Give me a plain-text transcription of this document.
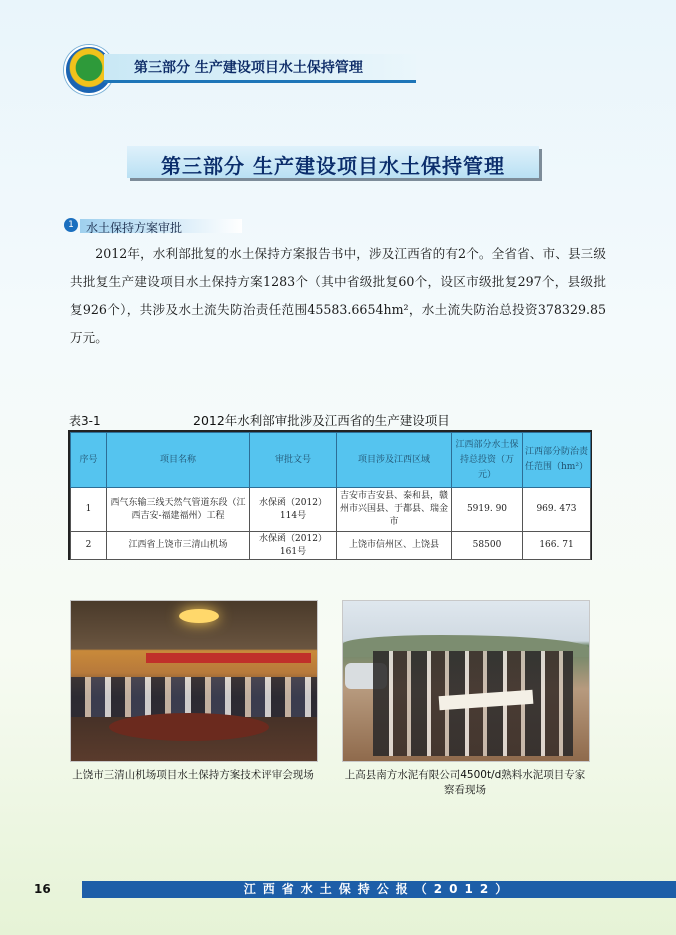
第三部分 生产建设项目水土保持管理
第三部分 生产建设项目水土保持管理
1	水土保持方案审批
2012年，水利部批复的水土保持方案报告书中，涉及江西省的有2个。全省省、市、县三级共批复生产建设项目水土保持方案1283个（其中省级批复60个，设区市级批复297个，县级批复926个），共涉及水土流失防治责任范围45583.6654hm²，水土流失防治总投资378329.85万元。
表3-1	2012年水利部审批涉及江西省的生产建设项目
序号	项目名称	审批文号	项目涉及江西区域	江西部分水土保持总投资（万元）	江西部分防治责任范围（hm²）
1	西气东输三线天然气管道东段（江西吉安-福建福州）工程	水保函（2012）114号	吉安市吉安县、泰和县，赣州市兴国县、于都县、瑞金市	5919. 90	969. 473
2	江西省上饶市三清山机场	水保函（2012）161号	上饶市信州区、上饶县	58500	166. 71
上饶市三清山机场项目水土保持方案技术评审会现场	上高县南方水泥有限公司4500t/d熟料水泥项目专家察看现场
16	江西省水土保持公报（2012）
